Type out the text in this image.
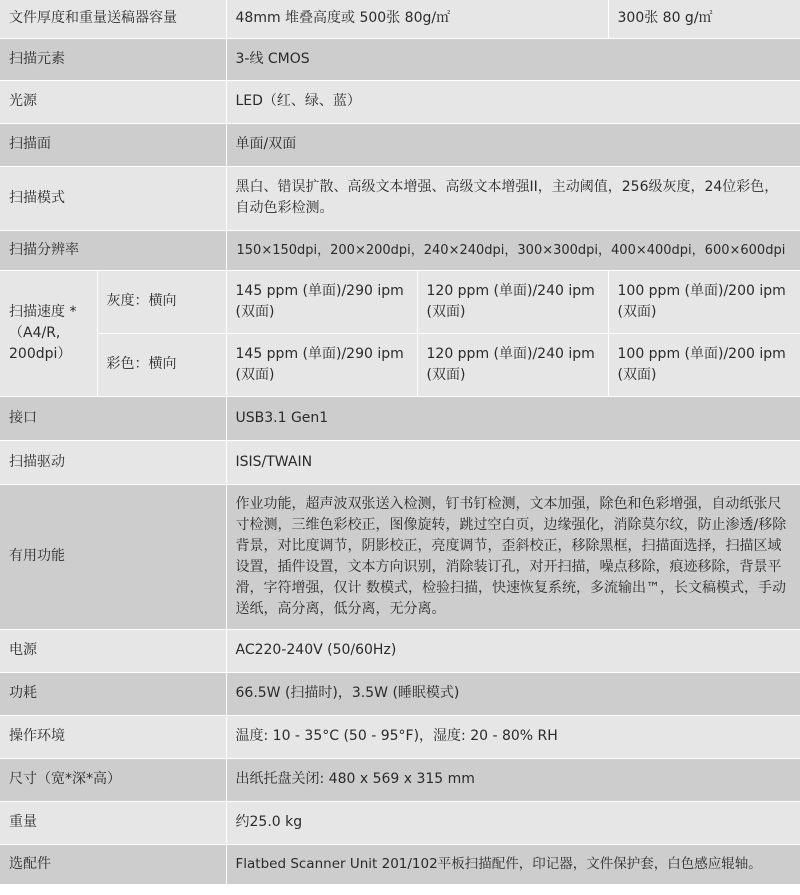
文件厚度和重量送稿器容量		48mm 堆叠高度或 500张 80g/㎡		300张 80 g/㎡
扫描元素		3-线 CMOS		
光源		LED（红、绿、蓝）		
扫描面		单面/双面		
扫描模式		黑白、错误扩散、高级文本增强、高级文本增强II，主动阈值，256级灰度，24位彩色，自动色彩检测。		
扫描分辨率		150×150dpi，200×200dpi，240×240dpi，300×300dpi，400×400dpi，600×600dpi		
扫描速度 * （A4/R, 200dpi）	灰度：横向	145 ppm (单面)/290 ipm (双面)	120 ppm (单面)/240 ipm (双面)	100 ppm (单面)/200 ipm (双面)
	彩色：横向	145 ppm (单面)/290 ipm (双面)	120 ppm (单面)/240 ipm (双面)	100 ppm (单面)/200 ipm (双面)
接口		USB3.1 Gen1		
扫描驱动		ISIS/TWAIN		
有用功能		作业功能，超声波双张送入检测，钉书钉检测，文本加强，除色和色彩增强，自动纸张尺寸检测，三维色彩校正，图像旋转，跳过空白页，边缘强化，消除莫尔纹，防止渗透/移除背景，对比度调节，阴影校正，亮度调节，歪斜校正，移除黑框，扫描面选择，扫描区域设置，插件设置，文本方向识别，消除装订孔，对开扫描，噪点移除，痕迹移除，背景平滑，字符增强，仅计 数模式，检验扫描，快速恢复系统，多流输出™，长文稿模式，手动送纸，高分离，低分离，无分离。		
电源		AC220-240V (50/60Hz)		
功耗		66.5W (扫描时)，3.5W (睡眠模式)		
操作环境		温度: 10 - 35°C (50 - 95°F)，湿度: 20 - 80% RH		
尺寸（宽*深*高）		出纸托盘关闭: 480 x 569 x 315 mm		
重量		约25.0 kg		
选配件		Flatbed Scanner Unit 201/102平板扫描配件，印记器，文件保护套，白色感应辊轴。		
